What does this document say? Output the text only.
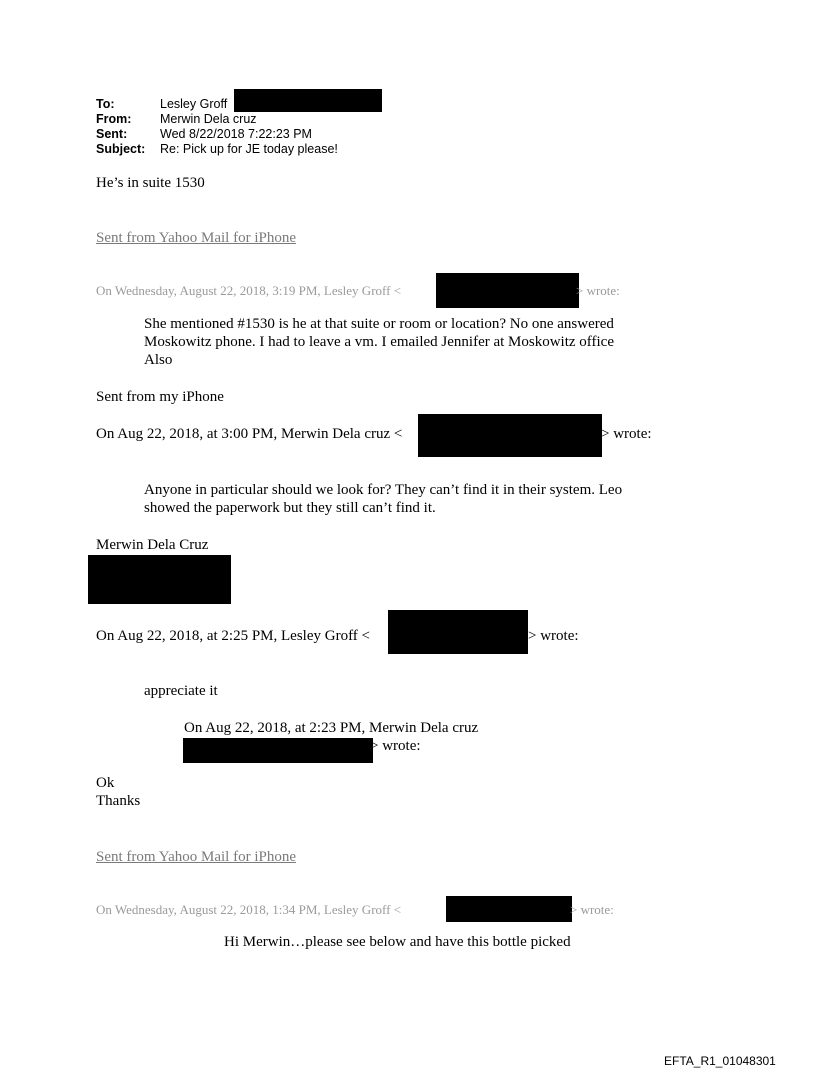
To:	Lesley Groff
From: Merwin Dela cruz
Sent:	Wed 8/22/2018 7:22:23 PM
Subject: Re: Pick up for JE today please!
He’s in suite 1530
Sent from Yahoo Mail for iPhone
On Wednesday, August 22, 2018, 3:19 PM, Lesley Groff <	> wrote:
She mentioned #1530 is he at that suite or room or location? No one answered
Moskowitz phone. I had to leave a vm. I emailed Jennifer at Moskowitz office
Also
Sent from my iPhone
On Aug 22, 2018, at 3:00 PM, Merwin Dela cruz <	> wrote:
Anyone in particular should we look for? They can’t find it in their system. Leo
showed the paperwork but they still can’t find it.
Merwin Dela Cruz
On Aug 22, 2018, at 2:25 PM, Lesley Groff <	> wrote:
appreciate it
On Aug 22, 2018, at 2:23 PM, Merwin Dela cruz
> wrote:
Ok
Thanks
Sent from Yahoo Mail for iPhone
On Wednesday, August 22, 2018, 1:34 PM, Lesley Groff <	> wrote:
Hi Merwin…please see below and have this bottle picked
EFTA_R1_01048301
